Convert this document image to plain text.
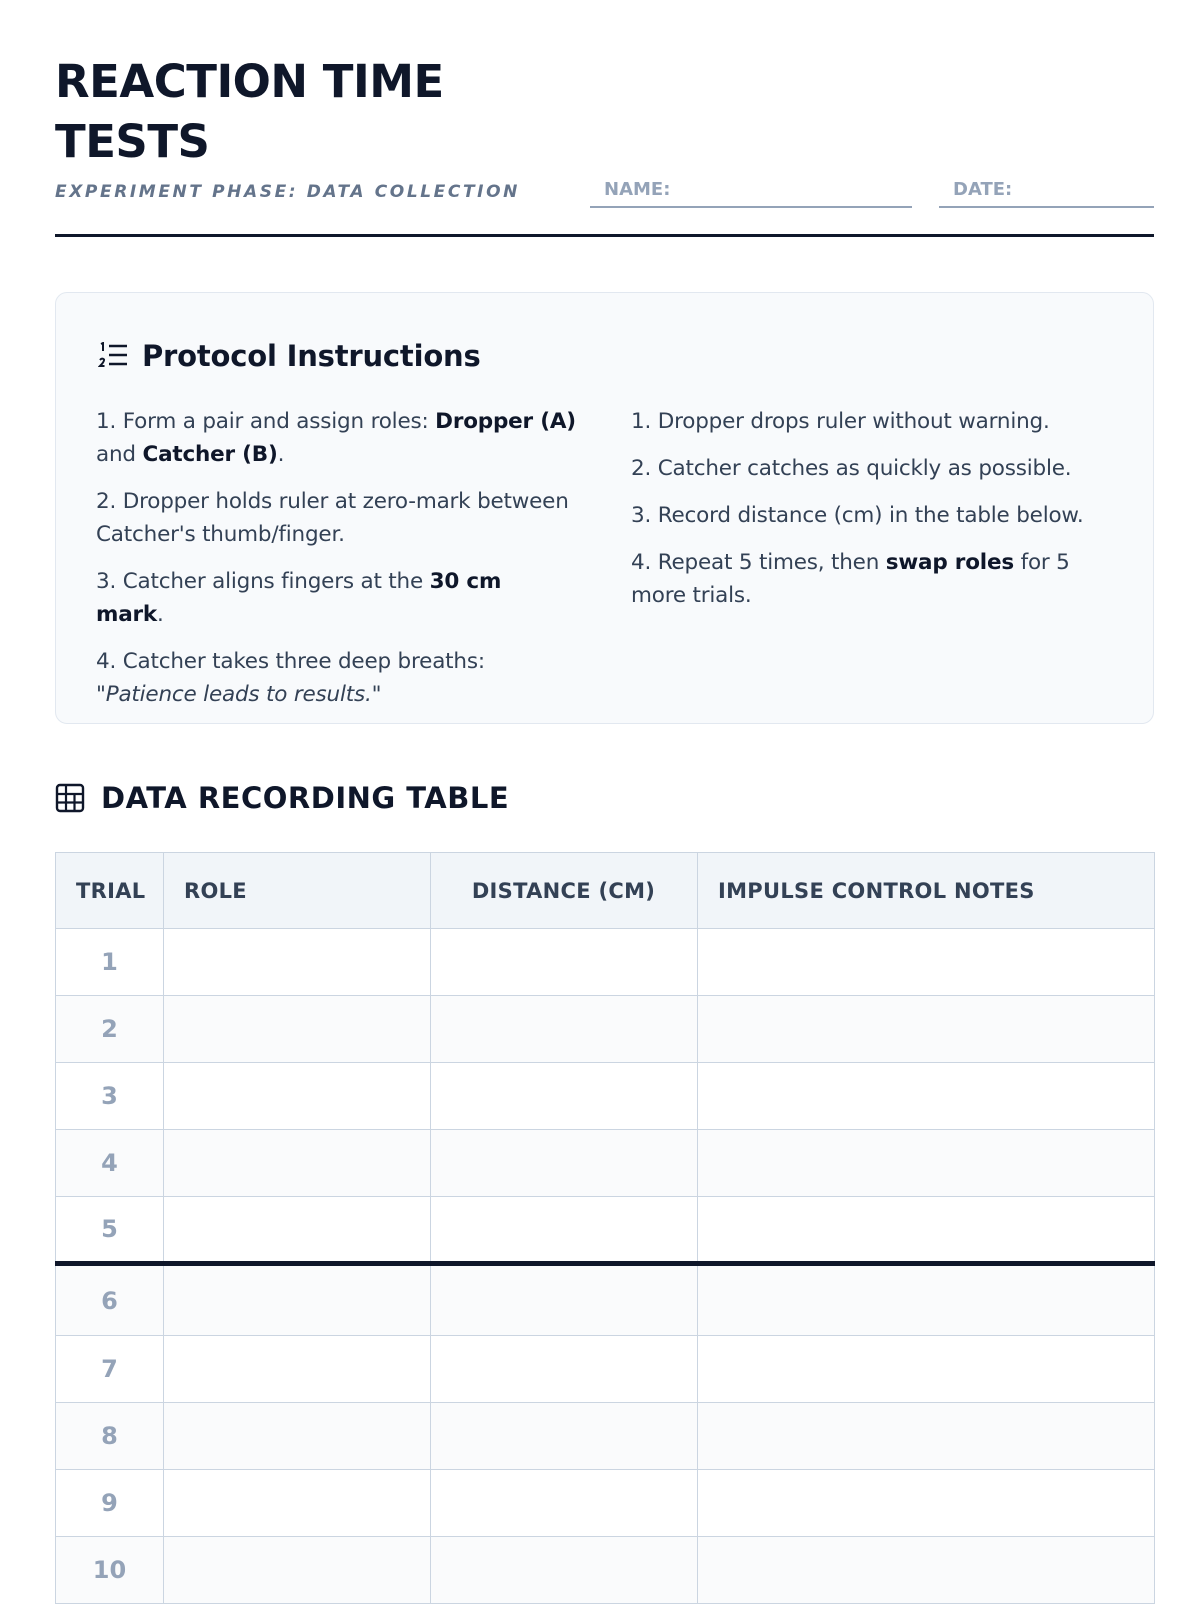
REACTION TIME TESTS
EXPERIMENT PHASE: DATA COLLECTION	NAME:	DATE:
Protocol Instructions
1. Form a pair and assign roles: Dropper (A) and Catcher (B).
2. Dropper holds ruler at zero-mark between Catcher's thumb/finger.
3. Catcher aligns fingers at the 30 cm mark.
4. Catcher takes three deep breaths:
"Patience leads to results."
1. Dropper drops ruler without warning.
2. Catcher catches as quickly as possible.
3. Record distance (cm) in the table below.
4. Repeat 5 times, then swap roles for 5 more trials.
DATA RECORDING TABLE
TRIAL	ROLE	DISTANCE (CM)	IMPULSE CONTROL NOTES
1			
2			
3			
4			
5			
6			
7			
8			
9			
10			
